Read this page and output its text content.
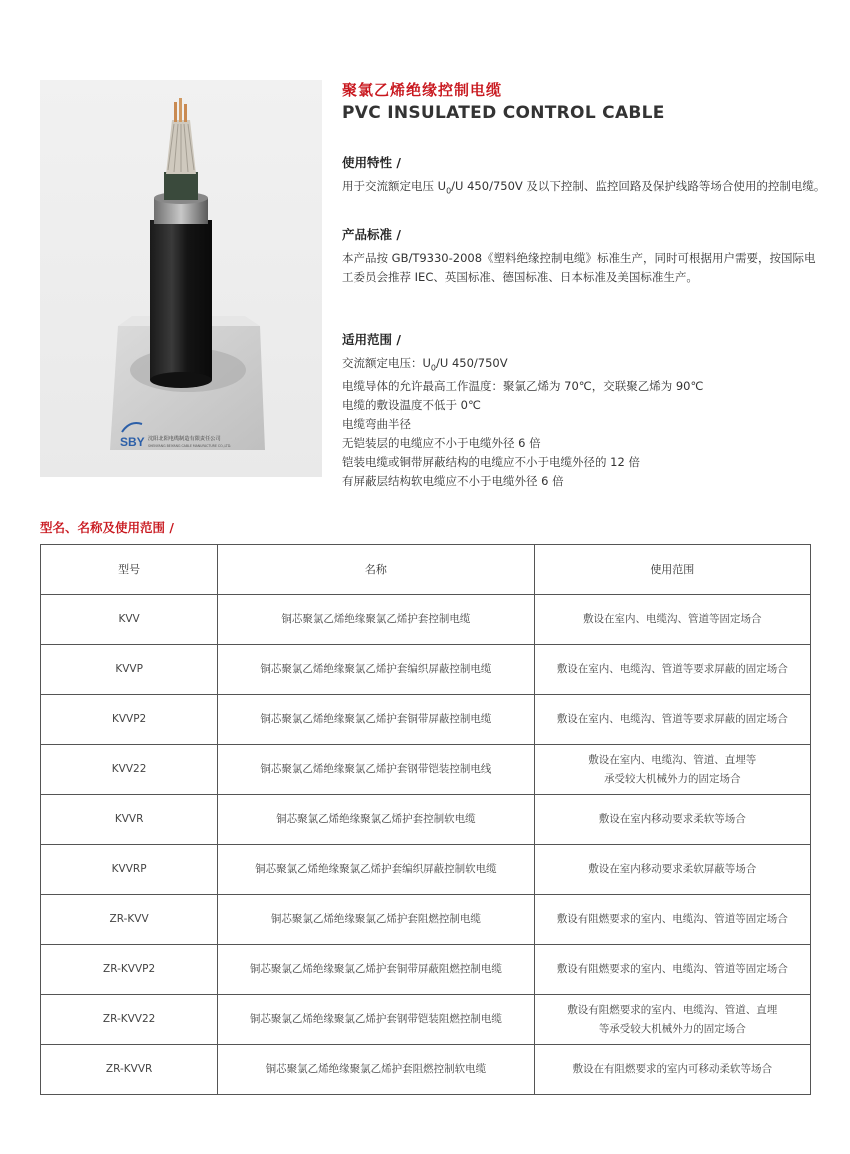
SBY 沈阳北阳电缆制造有限责任公司
SHENYANG BEIYANG CABLE MANUFACTURE CO.,LTD.
聚氯乙烯绝缘控制电缆
PVC INSULATED CONTROL CABLE

使用特性 /

用于交流额定电压 $U_0/U$ 450/750V 及以下控制、监控回路及保护线路等场合使用的控制电缆。

产品标准 /

本产品按 GB/T9330-2008《塑料绝缘控制电缆》标准生产，同时可根据用户需要，按国际电工委员会推荐 IEC、英国标准、德国标准、日本标准及美国标准生产。

适用范围 /

交流额定电压：$U_0/U$ 450/750V

电缆导体的允许最高工作温度：聚氯乙烯为 70℃，交联聚乙烯为 90℃

电缆的敷设温度不低于 0℃

电缆弯曲半径

无铠装层的电缆应不小于电缆外径 6 倍

铠装电缆或铜带屏蔽结构的电缆应不小于电缆外径的 12 倍

有屏蔽层结构软电缆应不小于电缆外径 6 倍

型名、名称及使用范围 /

型号	名称	使用范围
KVV	铜芯聚氯乙烯绝缘聚氯乙烯护套控制电缆	敷设在室内、电缆沟、管道等固定场合

KVVP	铜芯聚氯乙烯绝缘聚氯乙烯护套编织屏蔽控制电缆	敷设在室内、电缆沟、管道等要求屏蔽的固定场合

KVVP2	铜芯聚氯乙烯绝缘聚氯乙烯护套铜带屏蔽控制电缆	敷设在室内、电缆沟、管道等要求屏蔽的固定场合

KVV22	铜芯聚氯乙烯绝缘聚氯乙烯护套钢带铠装控制电线	敷设在室内、电缆沟、管道、直埋等
承受较大机械外力的固定场合

KVVR	铜芯聚氯乙烯绝缘聚氯乙烯护套控制软电缆	敷设在室内移动要求柔软等场合

KVVRP	铜芯聚氯乙烯绝缘聚氯乙烯护套编织屏蔽控制软电缆	敷设在室内移动要求柔软屏蔽等场合

ZR-KVV	铜芯聚氯乙烯绝缘聚氯乙烯护套阻燃控制电缆	敷设有阻燃要求的室内、电缆沟、管道等固定场合

ZR-KVVP2	铜芯聚氯乙烯绝缘聚氯乙烯护套铜带屏蔽阻燃控制电缆	敷设有阻燃要求的室内、电缆沟、管道等固定场合

ZR-KVV22	铜芯聚氯乙烯绝缘聚氯乙烯护套钢带铠装阻燃控制电缆	敷设有阻燃要求的室内、电缆沟、管道、直埋
等承受较大机械外力的固定场合

ZR-KVVR	铜芯聚氯乙烯绝缘聚氯乙烯护套阻燃控制软电缆	敷设在有阻燃要求的室内可移动柔软等场合
